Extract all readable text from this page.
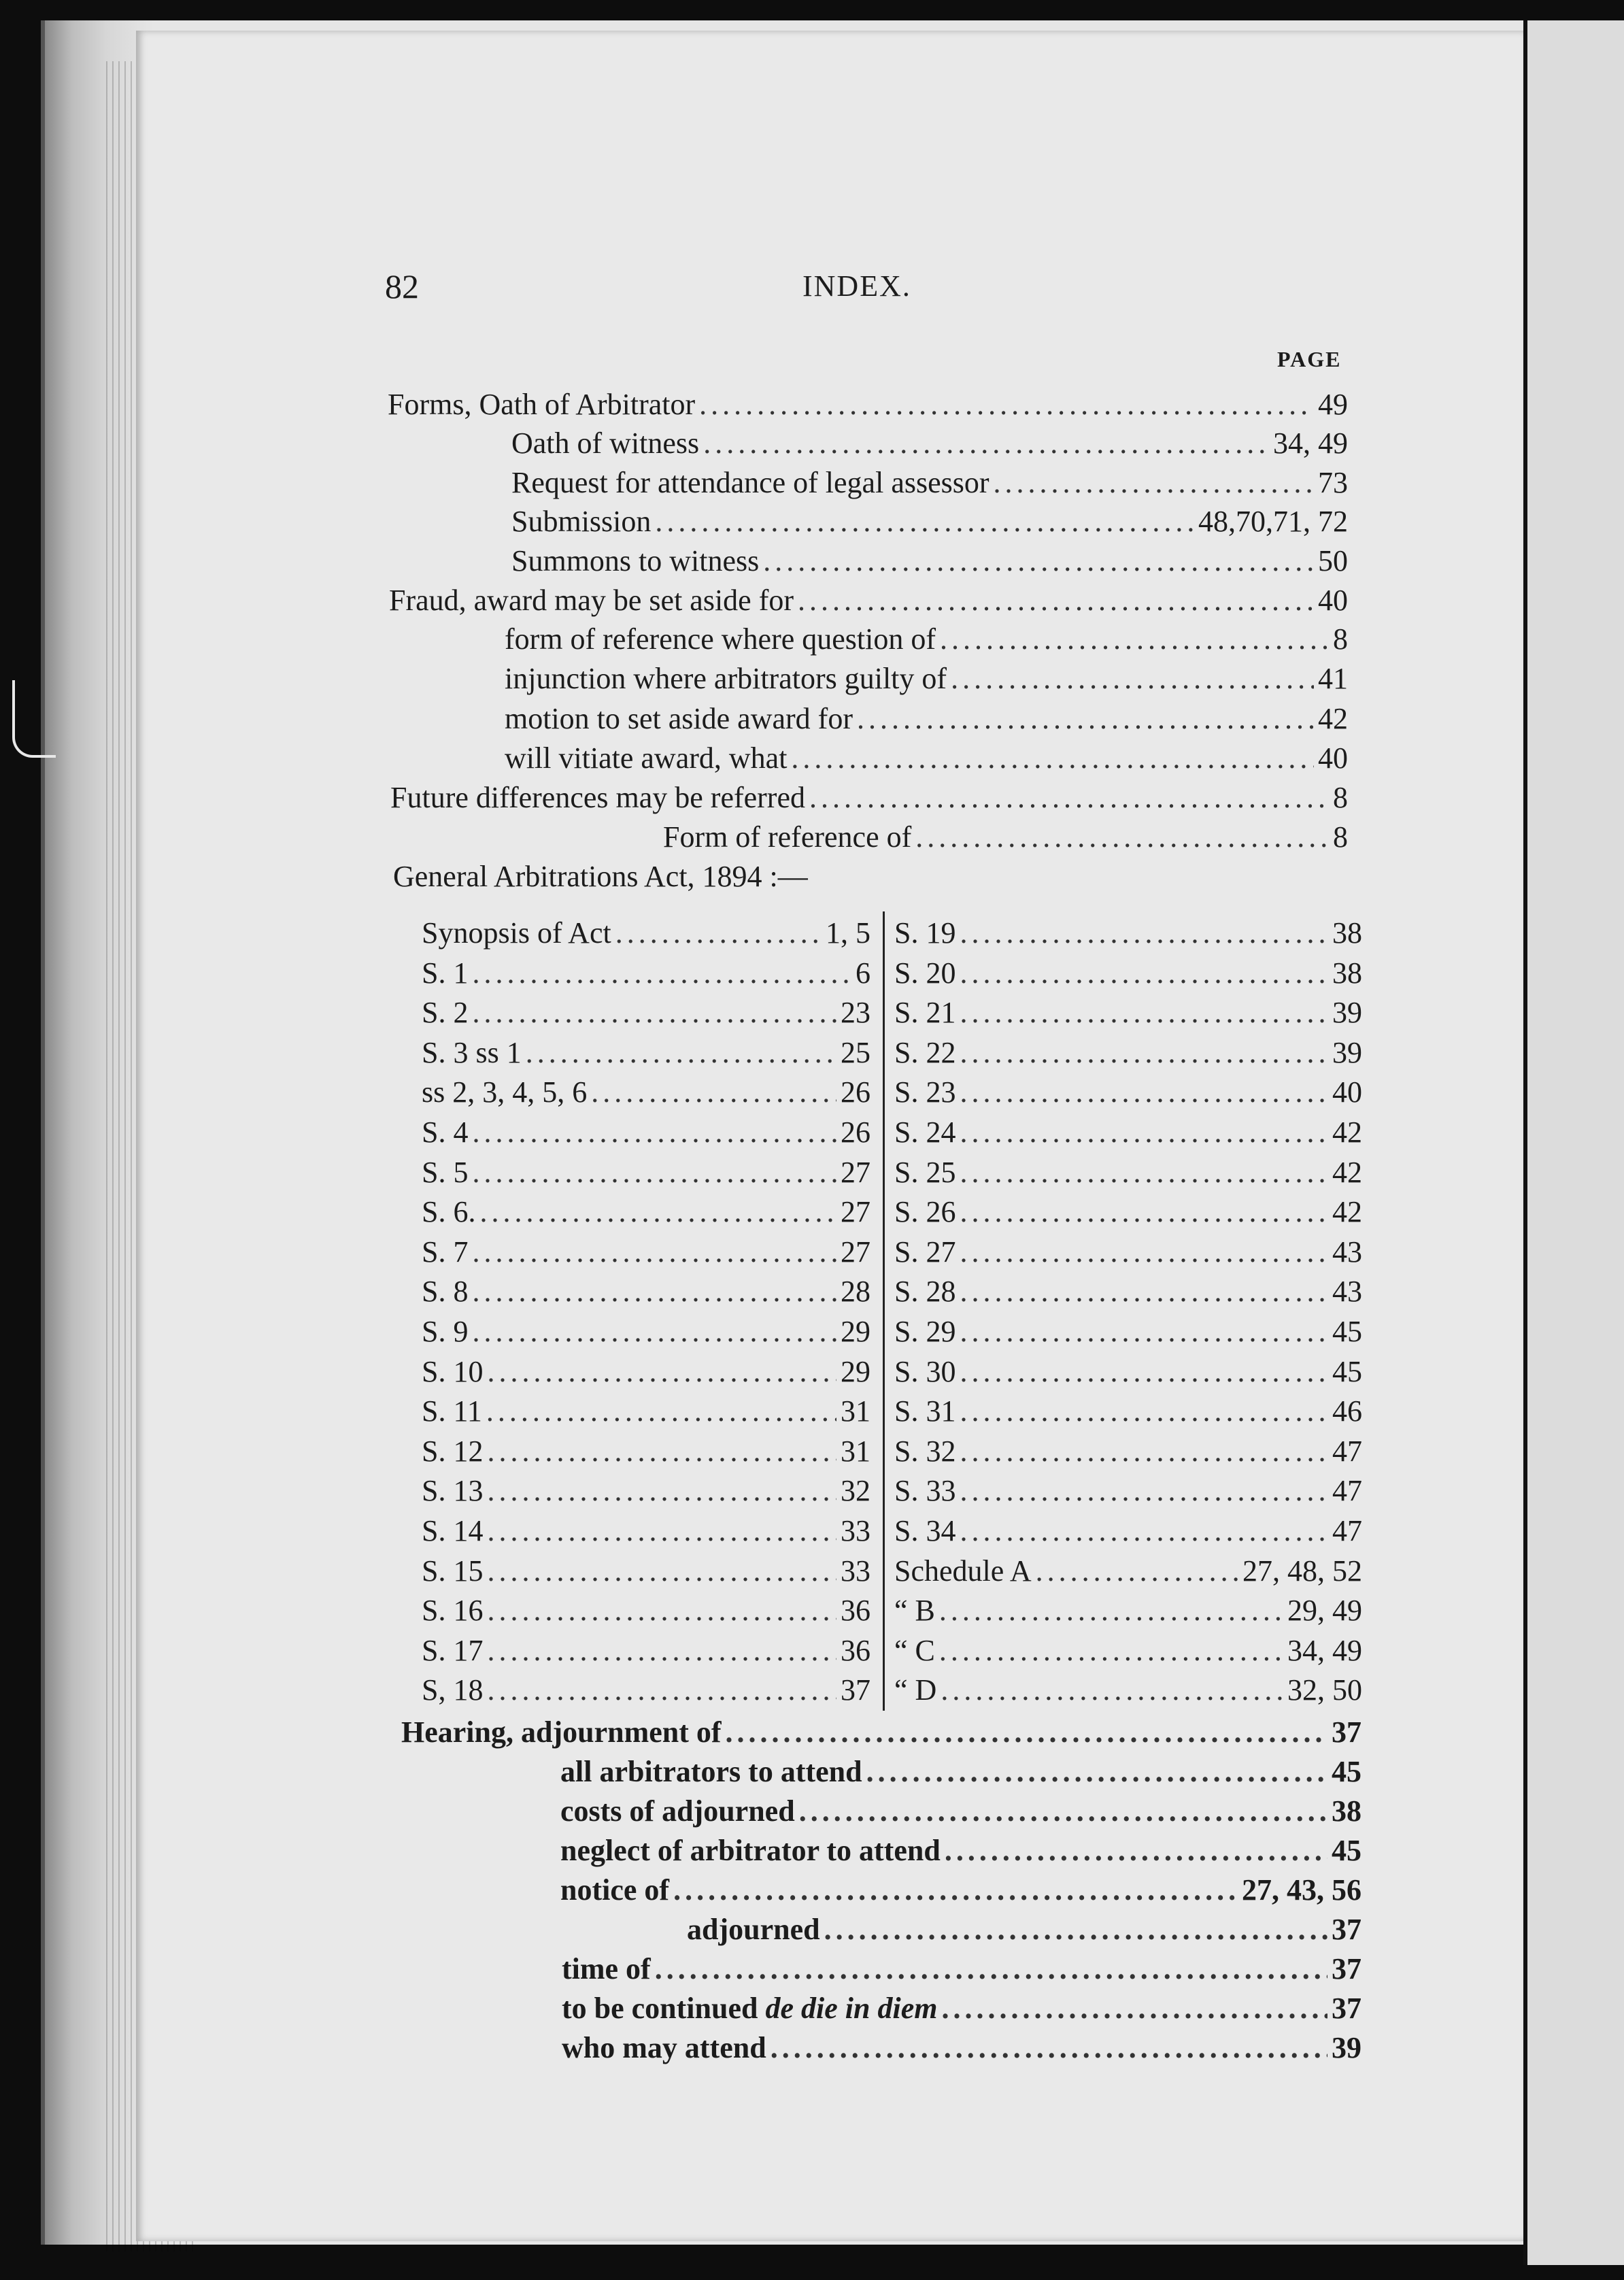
82	INDEX.
PAGE
Forms, Oath of Arbitrator .....	49
Oath of witness .....	34, 49
Request for attendance of legal assessor .....	73
Submission .....	48,70,71, 72
Summons to witness .....	50
Fraud, award may be set aside for .....	40
form of reference where question of .....	8
injunction where arbitrators guilty of .....	41
motion to set aside award for .....	42
will vitiate award, what .....	40
Future differences may be referred .....	8
Form of reference of .....	8
General Arbitrations Act, 1894 :—
Synopsis of Act .....	1, 5
S. 1 .....	6
S. 2 .....	23
S. 3 ss 1 .....	25
ss 2, 3, 4, 5, 6 .....	26
S. 4 .....	26
S. 5 .....	27
S. 6. .....	27
S. 7 .....	27
S. 8 .....	28
S. 9 .....	29
S. 10 .....	29
S. 11 .....	31
S. 12 .....	31
S. 13 .....	32
S. 14 .....	33
S. 15 .....	33
S. 16 .....	36
S. 17 .....	36
S, 18 .....	37
S. 19 .....	38
S. 20 .....	38
S. 21 .....	39
S. 22 .....	39
S. 23 .....	40
S. 24 .....	42
S. 25 .....	42
S. 26 .....	42
S. 27 .....	43
S. 28 .....	43
S. 29 .....	45
S. 30 .....	45
S. 31 .....	46
S. 32 .....	47
S. 33 .....	47
S. 34 .....	47
Schedule A .....	27, 48, 52
“ B .....	29, 49
“ C .....	34, 49
“ D .....	32, 50
Hearing, adjournment of .....	37
all arbitrators to attend .....	45
costs of adjourned .....	38
neglect of arbitrator to attend .....	45
notice of .....	27, 43, 56
adjourned .....	37
time of .....	37
to be continued de die in diem .....	37
who may attend .....	39
